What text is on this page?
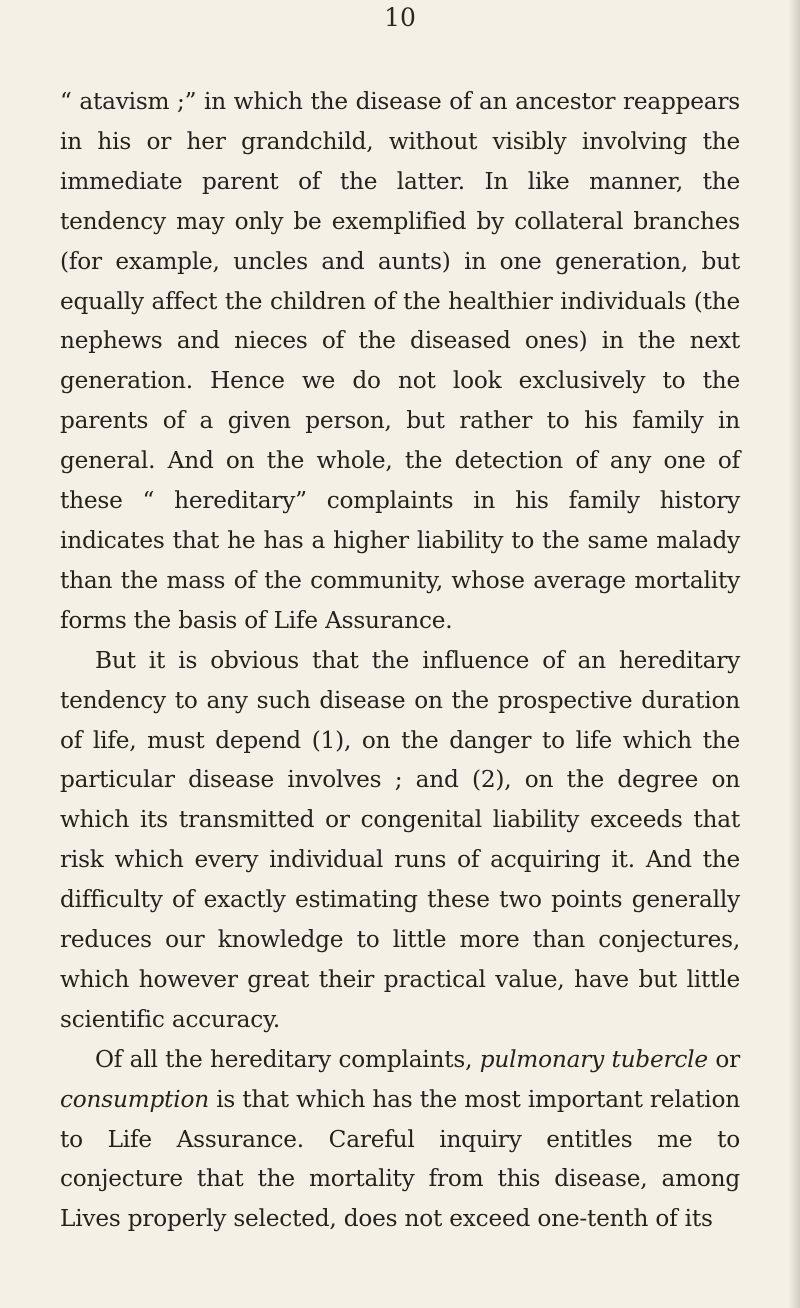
10

“ atavism ;” in which the disease of an ancestor reappears in his or her grandchild, without visibly involving the immediate parent of the latter. In like manner, the tendency may only be exemplified by collateral branches (for example, uncles and aunts) in one generation, but equally affect the children of the healthier individuals (the nephews and nieces of the diseased ones) in the next generation. Hence we do not look exclusively to the parents of a given person, but rather to his family in general. And on the whole, the detection of any one of these “ hereditary” complaints in his family history indicates that he has a higher liability to the same malady than the mass of the community, whose average mortality forms the basis of Life Assurance.

But it is obvious that the influence of an hereditary tendency to any such disease on the prospective duration of life, must depend (1), on the danger to life which the particular disease involves ; and (2), on the degree on which its transmitted or congenital liability exceeds that risk which every individual runs of acquiring it. And the difficulty of exactly estimating these two points generally reduces our knowledge to little more than conjectures, which however great their practical value, have but little scientific accuracy.

Of all the hereditary complaints, pulmonary tubercle or consumption is that which has the most important relation to Life Assurance. Careful inquiry entitles me to conjecture that the mortality from this disease, among Lives properly selected, does not exceed one-tenth of its
